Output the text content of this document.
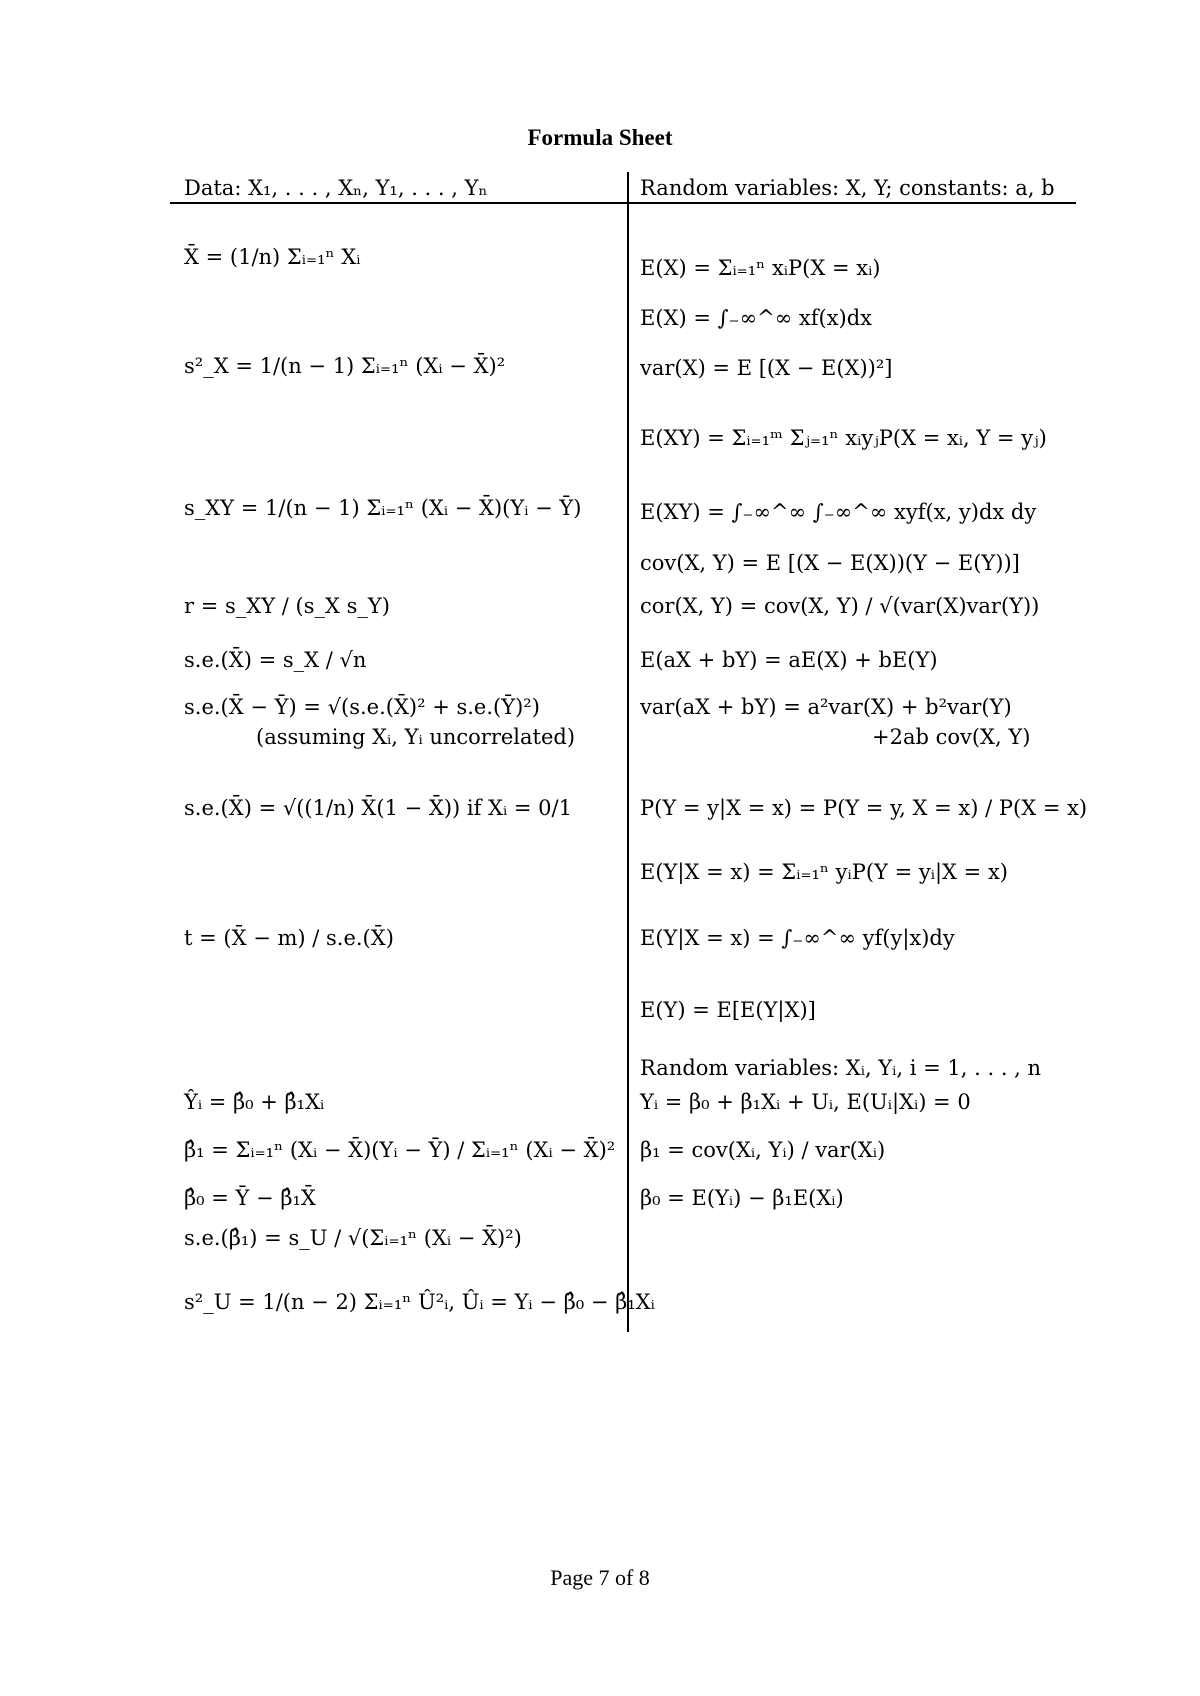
Formula Sheet
Data: X₁, . . . , Xₙ, Y₁, . . . , Yₙ
X̄ = (1/n) Σᵢ₌₁ⁿ Xᵢ
s²_X = 1/(n − 1) Σᵢ₌₁ⁿ (Xᵢ − X̄)²
s_XY = 1/(n − 1) Σᵢ₌₁ⁿ (Xᵢ − X̄)(Yᵢ − Ȳ)
r = s_XY / (s_X s_Y)
s.e.(X̄) = s_X / √n
s.e.(X̄ − Ȳ) = √(s.e.(X̄)² + s.e.(Ȳ)²)
(assuming Xᵢ, Yᵢ uncorrelated)
s.e.(X̄) = √((1/n) X̄(1 − X̄)) if Xᵢ = 0/1
t = (X̄ − m) / s.e.(X̄)
Ŷᵢ = β̂₀ + β̂₁Xᵢ
β̂₁ = Σᵢ₌₁ⁿ (Xᵢ − X̄)(Yᵢ − Ȳ) / Σᵢ₌₁ⁿ (Xᵢ − X̄)²
β̂₀ = Ȳ − β̂₁X̄
s.e.(β̂₁) = s_U / √(Σᵢ₌₁ⁿ (Xᵢ − X̄)²)
s²_U = 1/(n − 2) Σᵢ₌₁ⁿ Û²ᵢ, Ûᵢ = Yᵢ − β̂₀ − β̂₁Xᵢ
Random variables: X, Y; constants: a, b
E(X) = Σᵢ₌₁ⁿ xᵢP(X = xᵢ)
E(X) = ∫₋∞^∞ xf(x)dx
var(X) = E [(X − E(X))²]
E(XY) = Σᵢ₌₁ᵐ Σⱼ₌₁ⁿ xᵢyⱼP(X = xᵢ, Y = yⱼ)
E(XY) = ∫₋∞^∞ ∫₋∞^∞ xyf(x, y)dx dy
cov(X, Y) = E [(X − E(X))(Y − E(Y))]
cor(X, Y) = cov(X, Y) / √(var(X)var(Y))
E(aX + bY) = aE(X) + bE(Y)
var(aX + bY) = a²var(X) + b²var(Y)
+2ab cov(X, Y)
P(Y = y|X = x) = P(Y = y, X = x) / P(X = x)
E(Y|X = x) = Σᵢ₌₁ⁿ yᵢP(Y = yᵢ|X = x)
E(Y|X = x) = ∫₋∞^∞ yf(y|x)dy
E(Y) = E[E(Y|X)]
Random variables: Xᵢ, Yᵢ, i = 1, . . . , n
Yᵢ = β₀ + β₁Xᵢ + Uᵢ, E(Uᵢ|Xᵢ) = 0
β₁ = cov(Xᵢ, Yᵢ) / var(Xᵢ)
β₀ = E(Yᵢ) − β₁E(Xᵢ)
Page 7 of 8
